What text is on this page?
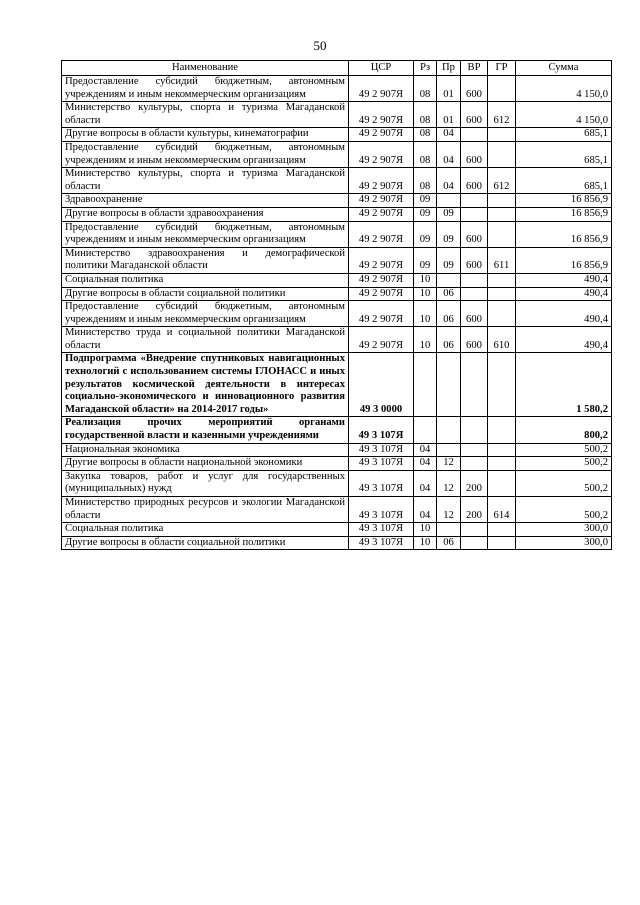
50
Наименование	ЦСР	Рз	Пр	ВР	ГР	Сумма
Предоставление субсидий бюджетным, автономным учреждениям и иным некоммерческим организациям	49 2 907Я	08	01	600		4 150,0
Министерство культуры, спорта и туризма Магаданской области	49 2 907Я	08	01	600	612	4 150,0
Другие вопросы в области культуры, кинематографии	49 2 907Я	08	04			685,1
Предоставление субсидий бюджетным, автономным учреждениям и иным некоммерческим организациям	49 2 907Я	08	04	600		685,1
Министерство культуры, спорта и туризма Магаданской области	49 2 907Я	08	04	600	612	685,1
Здравоохранение	49 2 907Я	09				16 856,9
Другие вопросы в области здравоохранения	49 2 907Я	09	09			16 856,9
Предоставление субсидий бюджетным, автономным учреждениям и иным некоммерческим организациям	49 2 907Я	09	09	600		16 856,9
Министерство здравоохранения и демографической политики Магаданской области	49 2 907Я	09	09	600	611	16 856,9
Социальная политика	49 2 907Я	10				490,4
Другие вопросы в области социальной политики	49 2 907Я	10	06			490,4
Предоставление субсидий бюджетным, автономным учреждениям и иным некоммерческим организациям	49 2 907Я	10	06	600		490,4
Министерство труда и социальной политики Магаданской области	49 2 907Я	10	06	600	610	490,4
Подпрограмма «Внедрение спутниковых навигационных технологий с использованием системы ГЛОНАСС и иных результатов космической деятельности в интересах социально-экономического и инновационного развития Магаданской области» на 2014-2017 годы»	49 3 0000					1 580,2
Реализация прочих мероприятий органами государственной власти и казенными учреждениями	49 3 107Я					800,2
Национальная экономика	49 3 107Я	04				500,2
Другие вопросы в области национальной экономики	49 3 107Я	04	12			500,2
Закупка товаров, работ и услуг для государственных (муниципальных) нужд	49 3 107Я	04	12	200		500,2
Министерство природных ресурсов и экологии Магаданской области	49 3 107Я	04	12	200	614	500,2
Социальная политика	49 3 107Я	10				300,0
Другие вопросы в области социальной политики	49 3 107Я	10	06			300,0
